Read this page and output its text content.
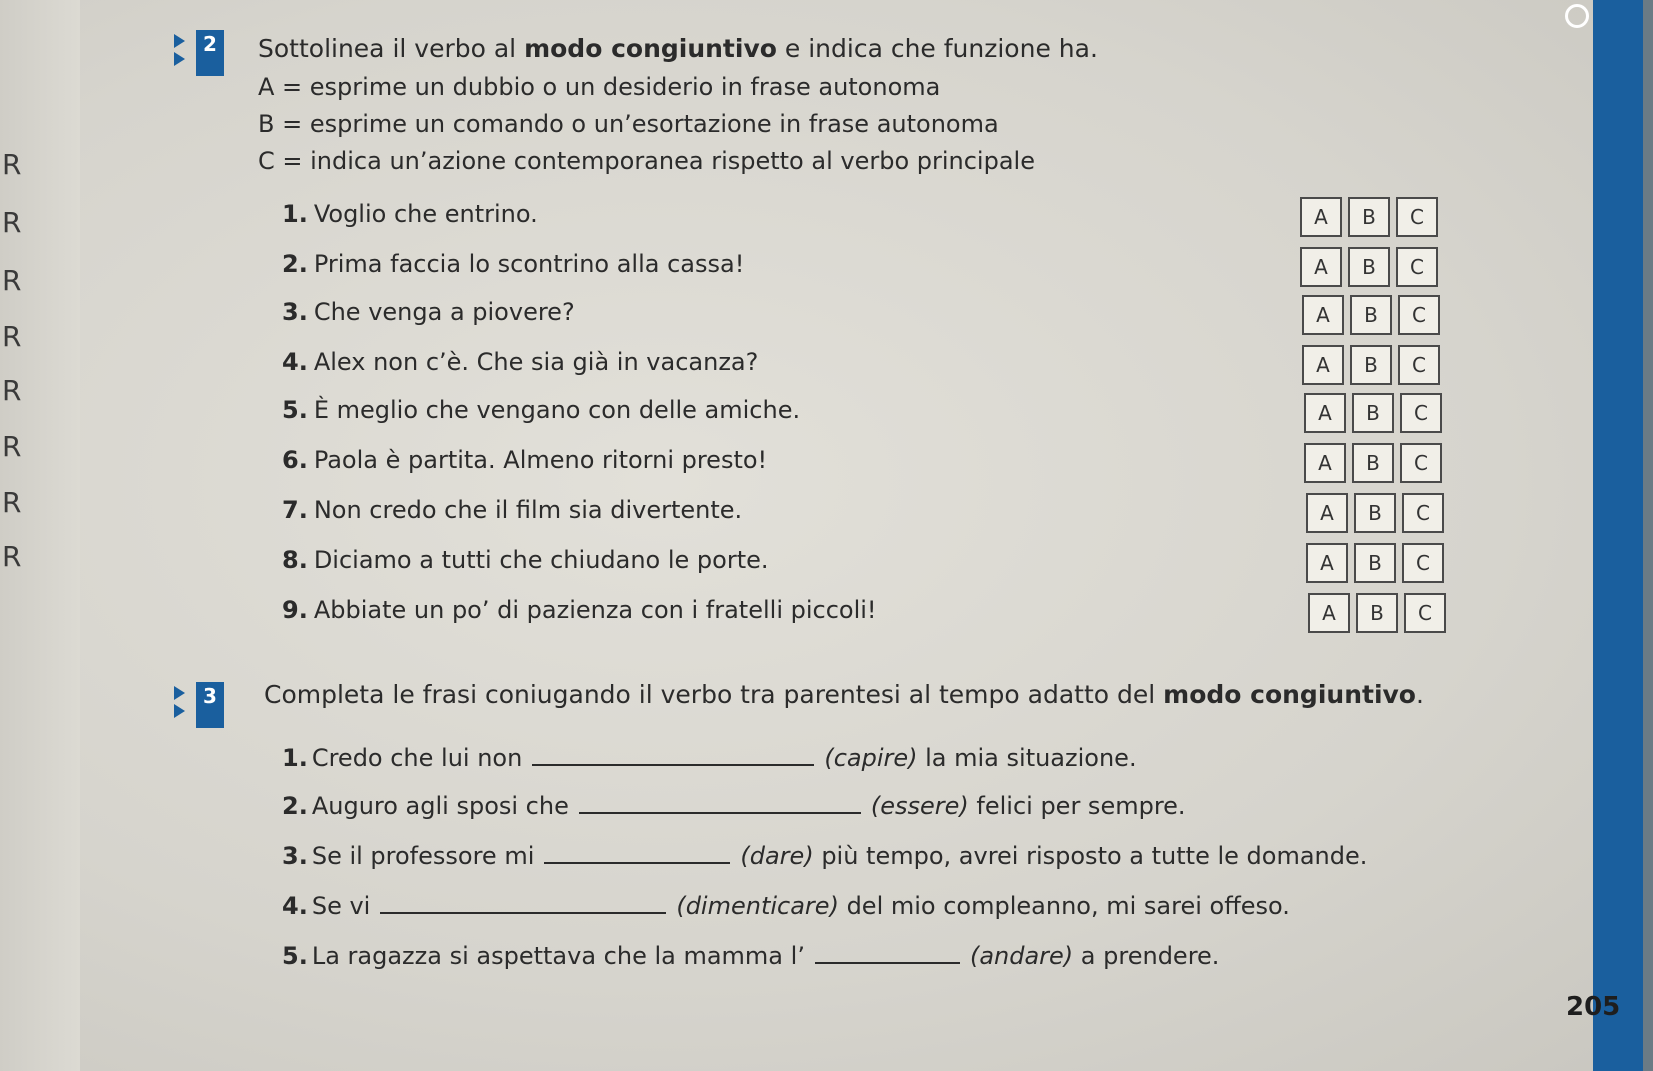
R
R
R
R
R
R
R
R
2 Sottolinea il verbo al modo congiuntivo e indica che funzione ha.
A = esprime un dubbio o un desiderio in frase autonoma
B = esprime un comando o un’esortazione in frase autonoma
C = indica un’azione contemporanea rispetto al verbo principale
1. Voglio che entrino.	A	B	C
2. Prima faccia lo scontrino alla cassa!	A	B	C
3. Che venga a piovere?	A	B	C
4. Alex non c’è. Che sia già in vacanza?	A	B	C
5. È meglio che vengano con delle amiche.	A	B	C
6. Paola è partita. Almeno ritorni presto!	A	B	C
7. Non credo che il film sia divertente.	A	B	C
8. Diciamo a tutti che chiudano le porte.	A	B	C
9. Abbiate un po’ di pazienza con i fratelli piccoli!	A	B	C
3 Completa le frasi coniugando il verbo tra parentesi al tempo adatto del modo congiuntivo.
1. Credo che lui non	(capire) la mia situazione.
2. Auguro agli sposi che	(essere) felici per sempre.
3. Se il professore mi	(dare) più tempo, avrei risposto a tutte le domande.
4. Se vi	(dimenticare) del mio compleanno, mi sarei offeso.
5. La ragazza si aspettava che la mamma l’	(andare) a prendere.
205
